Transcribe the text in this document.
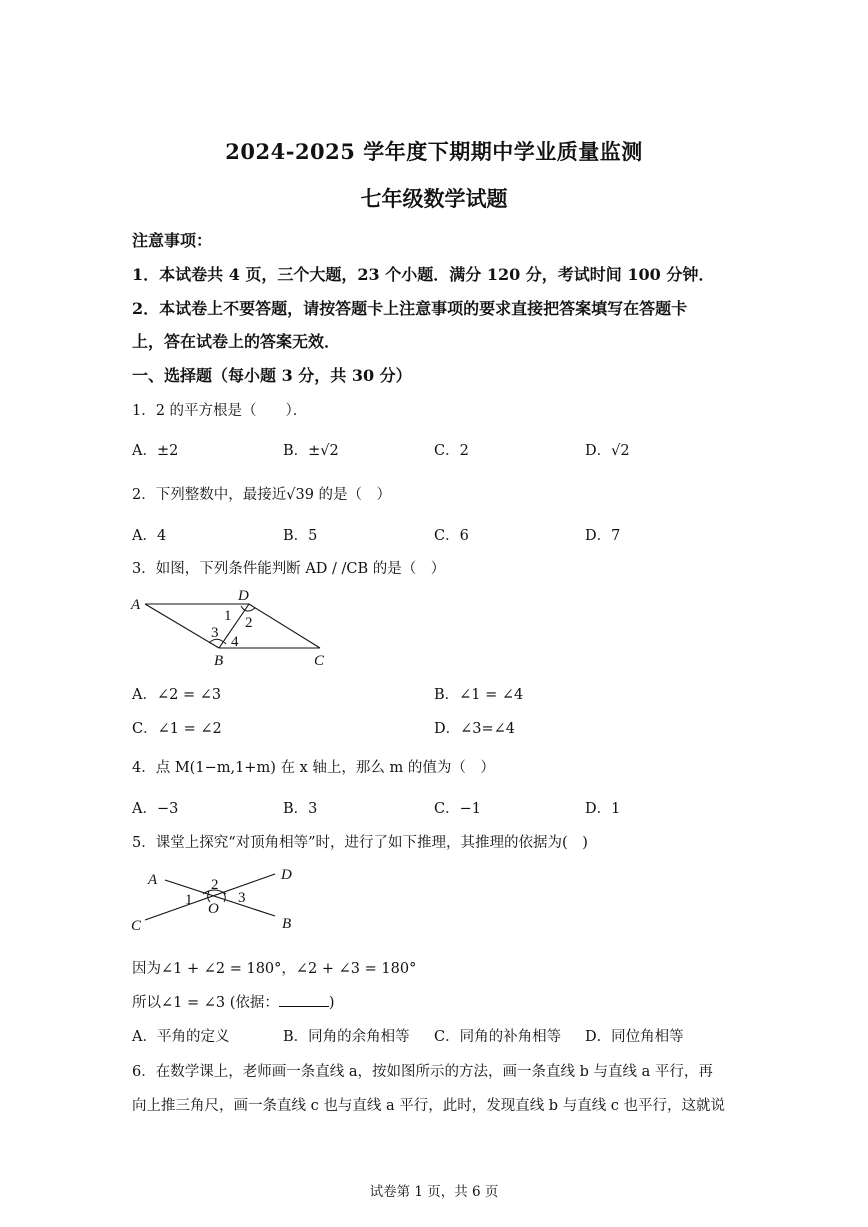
2024-2025 学年度下期期中学业质量监测
七年级数学试题
注意事项：
1．本试卷共 4 页，三个大题，23 个小题．满分 120 分，考试时间 100 分钟．
2．本试卷上不要答题，请按答题卡上注意事项的要求直接把答案填写在答题卡
上，答在试卷上的答案无效．
一、选择题（每小题 3 分，共 30 分）
1．2 的平方根是（　　）．
A．±2	B．±√2	C．2	D．√2
2．下列整数中，最接近√39 的是（　）
A．4	B．5	C．6	D．7
3．如图，下列条件能判断 AD / /CB 的是（　）
A
D
B	C
1 2
3
4
A．∠2 = ∠3	B．∠1 = ∠4
C．∠1 = ∠2	D．∠3=∠4
4．点 M(1−m,1+m) 在 x 轴上，那么 m 的值为（　）
A．−3	B．3	C．−1	D．1
5．课堂上探究“对顶角相等”时，进行了如下推理，其推理的依据为(　)
A	D
C	B
O
1
2
3
因为∠1 + ∠2 = 180°，∠2 + ∠3 = 180°
所以∠1 = ∠3 (依据：	)
A．平角的定义	B．同角的余角相等 C．同角的补角相等 D．同位角相等
6．在数学课上，老师画一条直线 a，按如图所示的方法，画一条直线 b 与直线 a 平行，再
向上推三角尺，画一条直线 c 也与直线 a 平行，此时，发现直线 b 与直线 c 也平行，这就说
试卷第 1 页，共 6 页
